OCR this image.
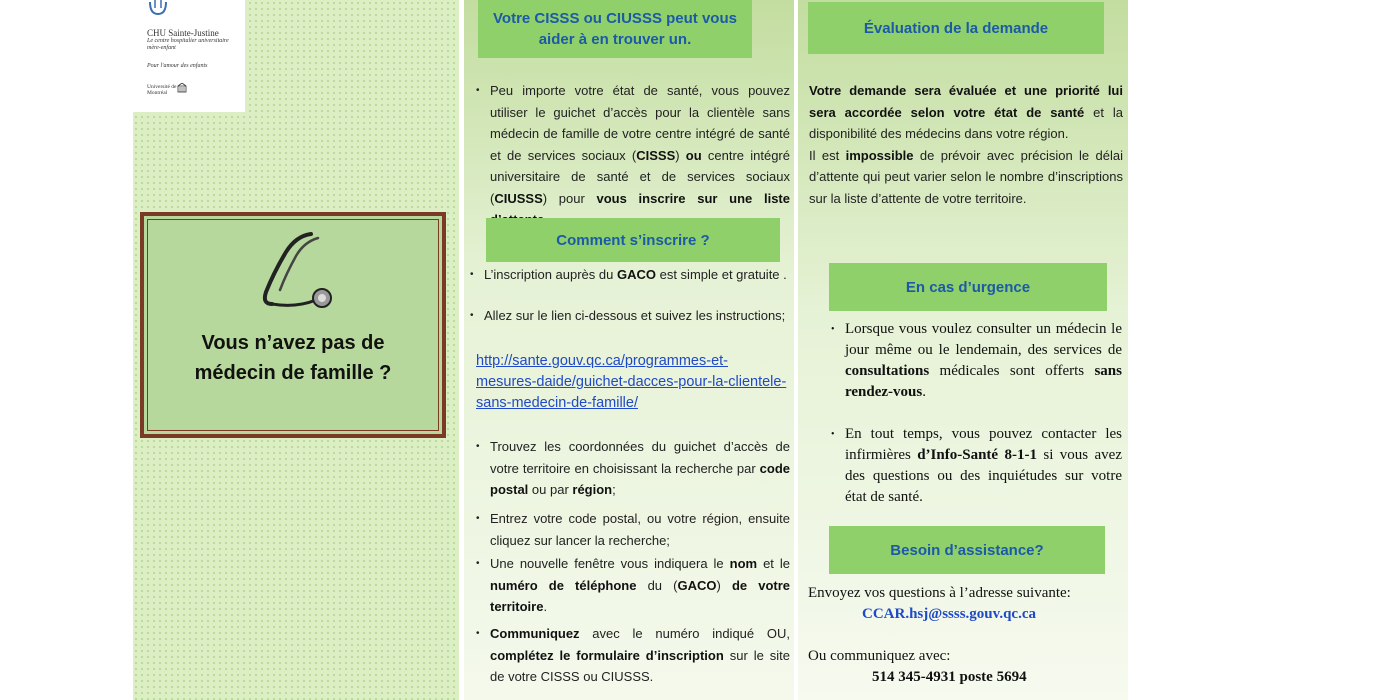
CHU Sainte-Justine
Le centre hospitalier universitaire mère-enfant
Pour l'amour des enfants
Université de Montréal
Vous n’avez pas de
médecin de famille ?
Votre CISSS ou CIUSSS peut vous aider à en trouver un.
• Peu importe votre état de santé, vous pouvez utiliser le guichet d’accès pour la clientèle sans médecin de famille de votre centre intégré de santé et de services sociaux (CISSS) ou centre intégré universitaire de santé et de services sociaux (CIUSSS) pour vous inscrire sur une liste
Comment s’inscrire ?
• L’inscription auprès du GACO est simple et gratuite .
• Allez sur le lien ci-dessous et suivez les instructions;
http://sante.gouv.qc.ca/programmes-et-mesures-daide/guichet-dacces-pour-la-clientele-sans-medecin-de-famille/
• Trouvez les coordonnées du guichet d’accès de votre territoire en choisissant la recherche par code postal ou par région;
• Entrez votre code postal, ou votre région, ensuite cliquez sur lancer la recherche;
• Une nouvelle fenêtre vous indiquera le nom et le numéro de téléphone du (GACO) de votre territoire.
• Communiquez avec le numéro indiqué OU, complétez le formulaire d’inscription sur le site de votre CISSS ou CIUSSS.
Évaluation de la demande
Votre demande sera évaluée et une priorité lui sera accordée selon votre état de santé et la disponibilité des médecins dans votre région.
Il est impossible de prévoir avec précision le délai d’attente qui peut varier selon le nombre d’inscriptions sur la liste d’attente de votre territoire.
En cas d’urgence
• Lorsque vous voulez consulter un médecin le jour même ou le lendemain, des services de consultations médicales sont offerts sans rendez-vous.
• En tout temps, vous pouvez contacter les infirmières d’Info-Santé 8-1-1 si vous avez des questions ou des inquiétudes sur votre état de santé.
Besoin d’assistance?
Envoyez vos questions à l’adresse suivante:
CCAR.hsj@ssss.gouv.qc.ca
Ou communiquez avec:
514 345-4931 poste 5694
